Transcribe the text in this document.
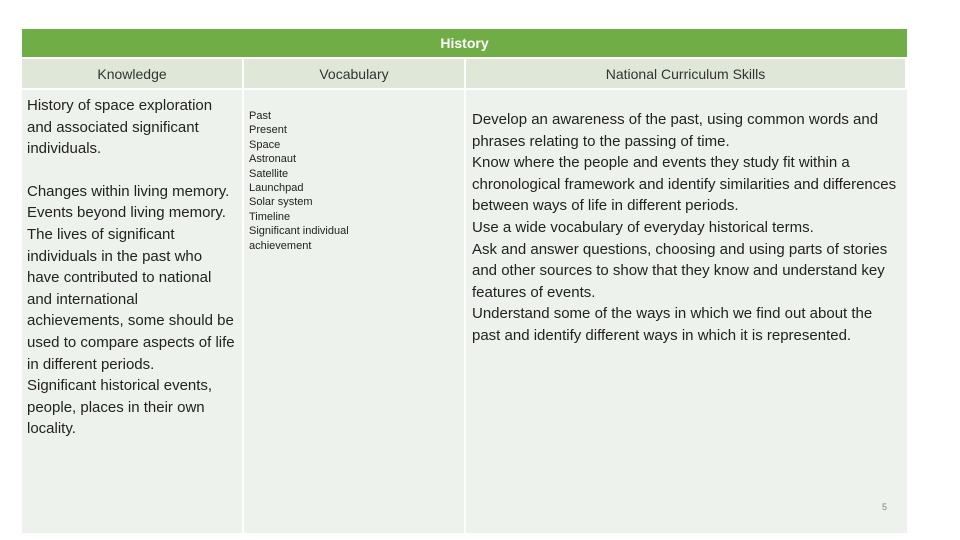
History
Knowledge	Vocabulary	National Curriculum Skills

History of space exploration and associated significant individuals.

Changes within living memory.

Events beyond living memory.

The lives of significant individuals in the past who have contributed to national and international achievements, some should be used to compare aspects of life in different periods.

Significant historical events, people, places in their own locality.

Past
Present
Space
Astronaut
Satellite
Launchpad
Solar system
Timeline
Significant individual achievement

Develop an awareness of the past, using common words and phrases relating to the passing of time.

Know where the people and events they study fit within a chronological framework and identify similarities and differences between ways of life in different periods.

Use a wide vocabulary of everyday historical terms.

Ask and answer questions, choosing and using parts of stories and other sources to show that they know and understand key features of events.

Understand some of the ways in which we find out about the past and identify different ways in which it is represented.

5
